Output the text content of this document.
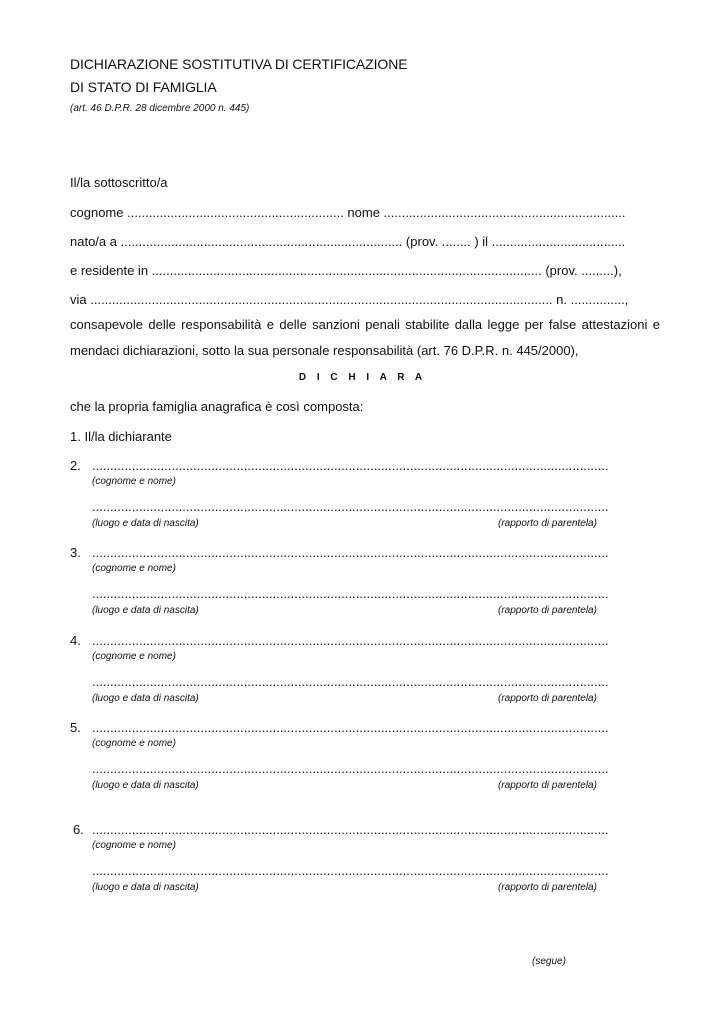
DICHIARAZIONE SOSTITUTIVA DI CERTIFICAZIONE
DI STATO DI FAMIGLIA
(art. 46 D.P.R. 28 dicembre 2000 n. 445)
Il/la sottoscritto/a
cognome ............................................................ nome ...................................................................
nato/a a .............................................................................. (prov. ........ ) il .....................................
e residente in ............................................................................................................ (prov. .........),
via ................................................................................................................................ n. ...............,
consapevole delle responsabilità e delle sanzioni penali stabilite dalla legge per false attestazioni e mendaci dichiarazioni, sotto la sua personale responsabilità (art. 76 D.P.R. n. 445/2000),
D I C H I A R A
che la propria famiglia anagrafica è così composta:
1. Il/la dichiarante
2. ...............................................................................................................................................
(cognome e nome)
...............................................................................................................................................
(luogo e data di nascita)	(rapporto di parentela)
3. ...............................................................................................................................................
(cognome e nome)
...............................................................................................................................................
(luogo e data di nascita)	(rapporto di parentela)
4. ...............................................................................................................................................
(cognome e nome)
...............................................................................................................................................
(luogo e data di nascita)	(rapporto di parentela)
5. ...............................................................................................................................................
(cognome e nome)
...............................................................................................................................................
(luogo e data di nascita)	(rapporto di parentela)
6. ...............................................................................................................................................
(cognome e nome)
...............................................................................................................................................
(luogo e data di nascita)	(rapporto di parentela)
(segue)
